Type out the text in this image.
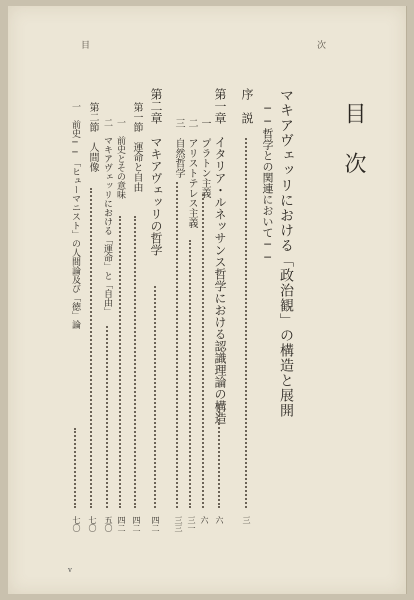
次
目
目
次
序　説
三
マキアヴェッリにおける「政治観」の構造と展開
──哲学との関連において──
第一章　イタリア・ルネッサンス哲学における認識理論の構造
六
一　プラトン主義
六
二　アリストテレス主義
三一
三　自然哲学
三三
第二章　マキアヴェッリの哲学
四二
第一節　運命と自由
四二
一　前史とその意味
四二
二　マキアヴェッリにおける「運命」と「自由」
五〇
第二節　人間像
七〇
一　前史──「ヒューマニスト」の人間論及び「徳」論
七〇
v
